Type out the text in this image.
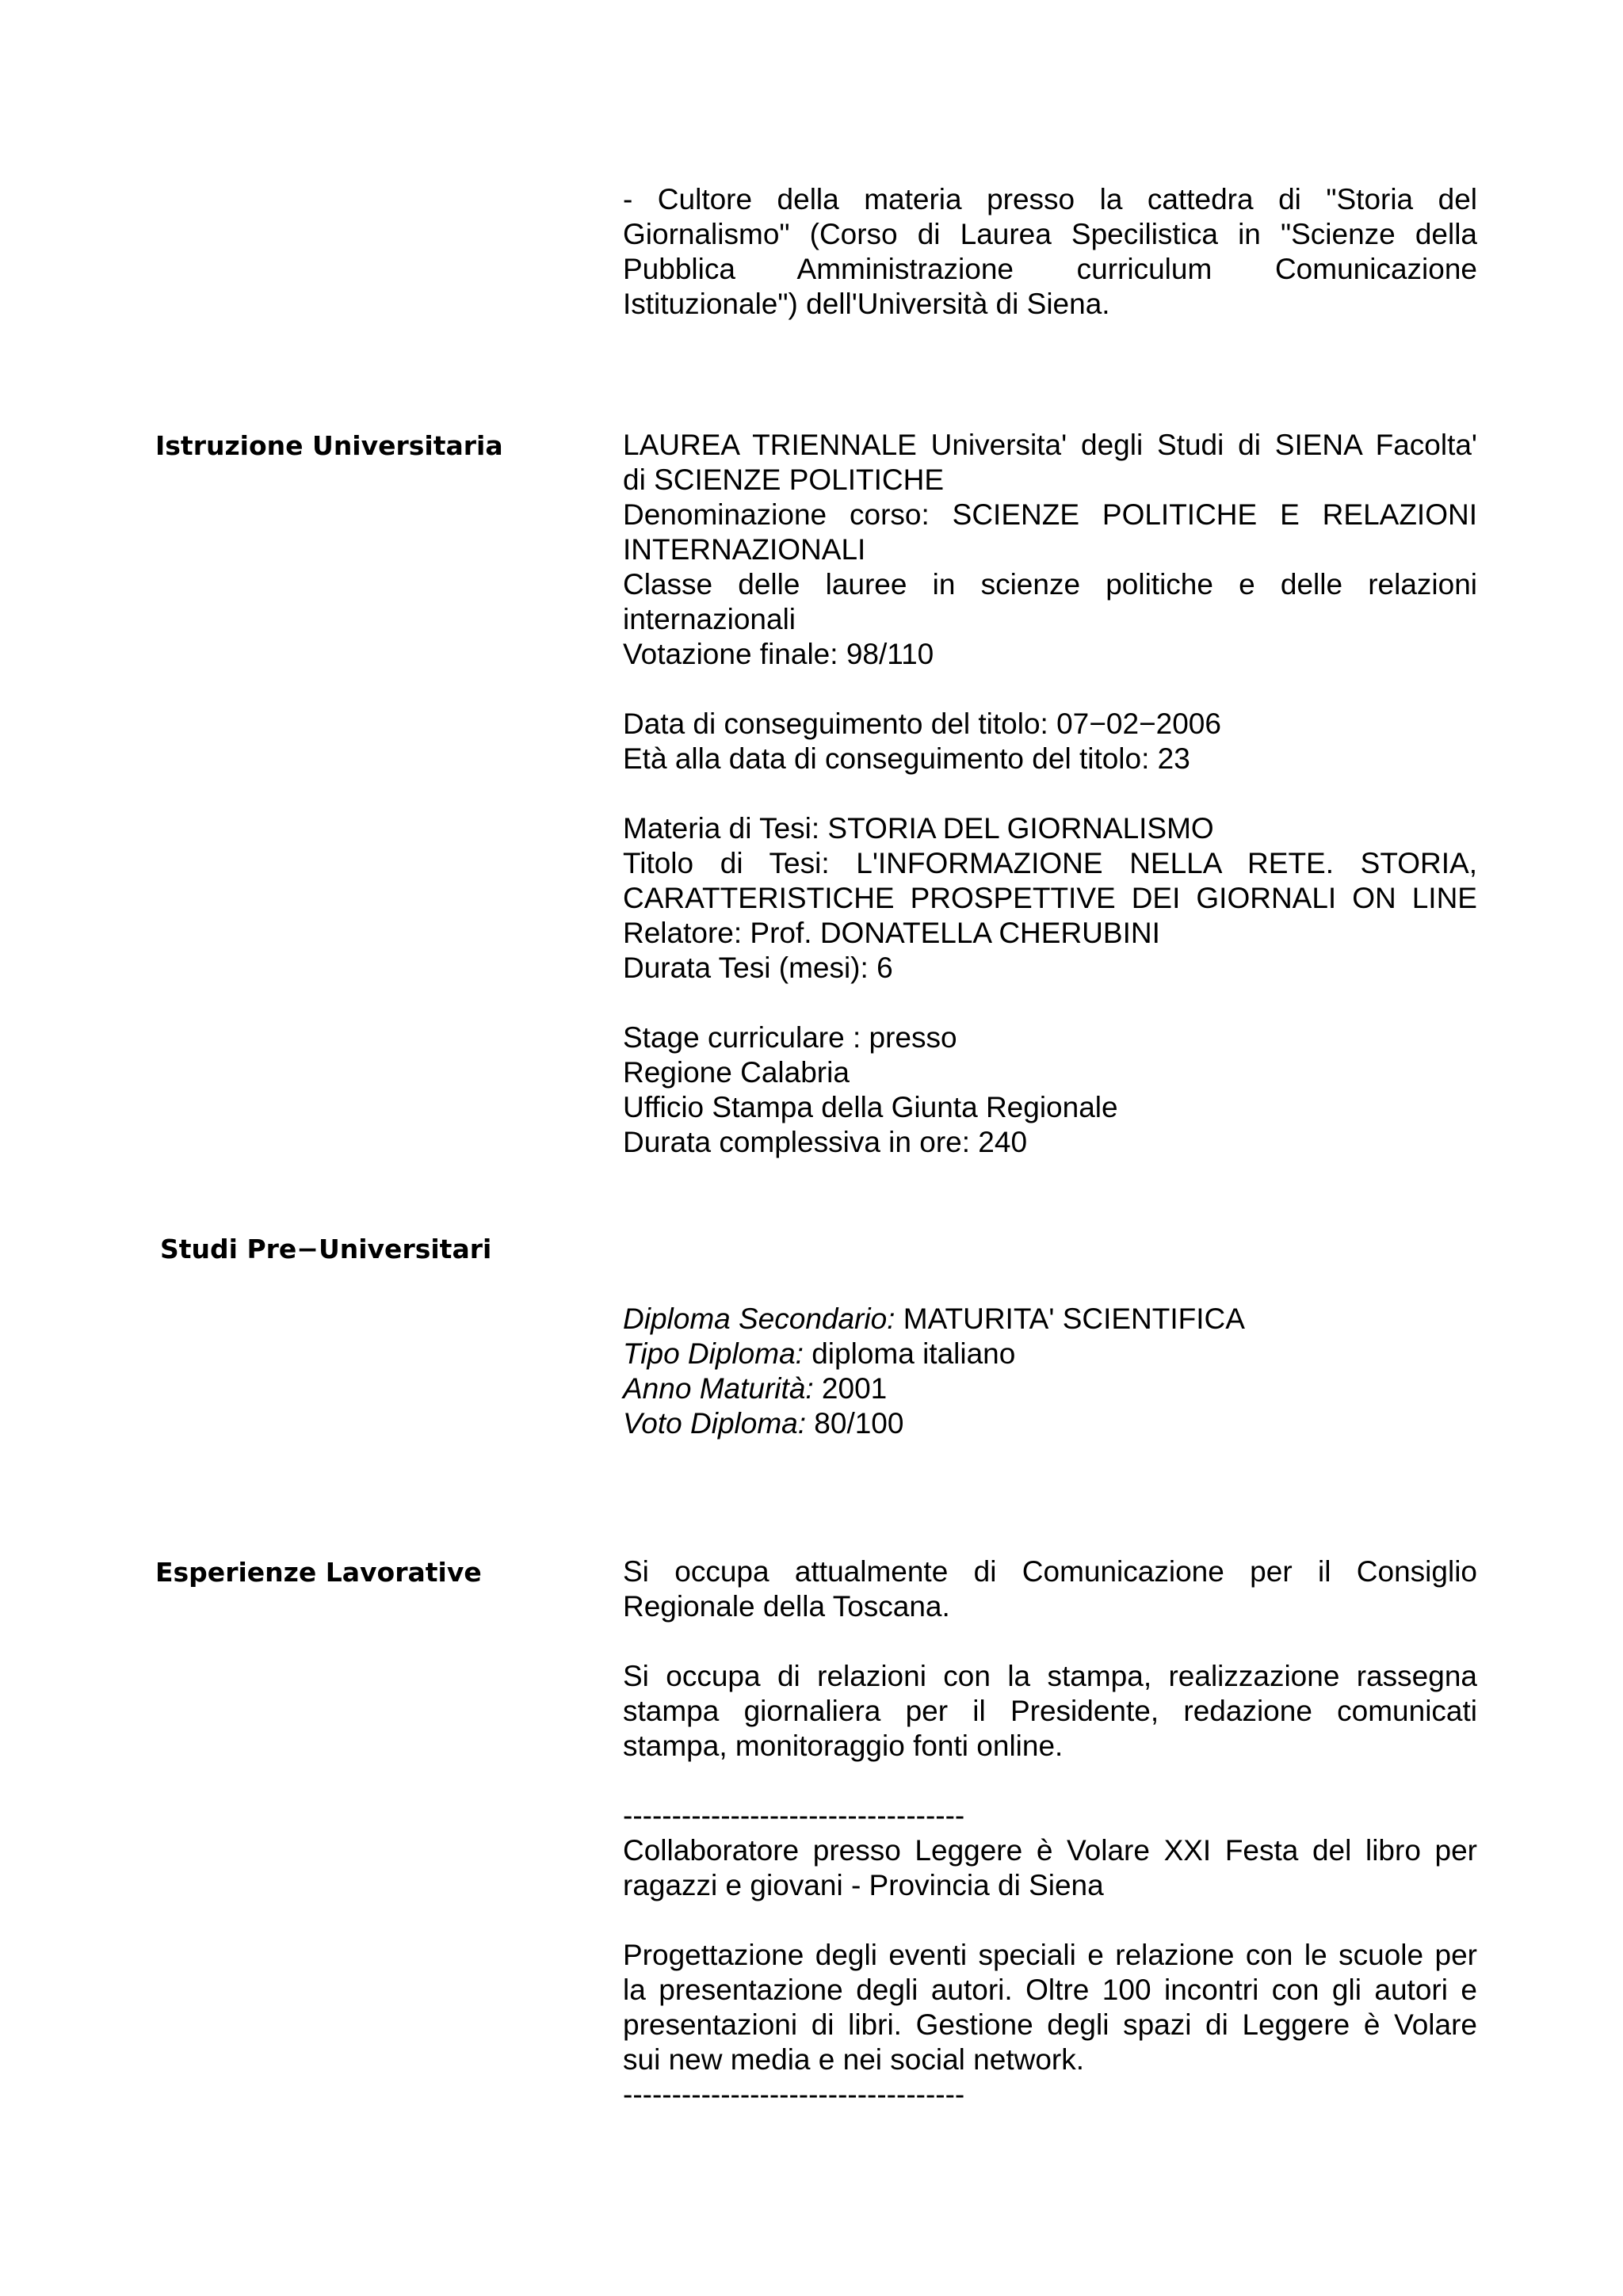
- Cultore della materia presso la cattedra di "Storia del
Giornalismo" (Corso di Laurea Specilistica in "Scienze della
Pubblica Amministrazione curriculum Comunicazione
Istituzionale") dell'Università di Siena.
Istruzione Universitaria	LAUREA TRIENNALE Universita' degli Studi di SIENA Facolta'
di SCIENZE POLITICHE
Denominazione corso: SCIENZE POLITICHE E RELAZIONI
INTERNAZIONALI
Classe delle lauree in scienze politiche e delle relazioni
internazionali
Votazione finale: 98/110
Data di conseguimento del titolo: 07−02−2006
Età alla data di conseguimento del titolo: 23
Materia di Tesi: STORIA DEL GIORNALISMO
Titolo di Tesi: L'INFORMAZIONE NELLA RETE. STORIA,
CARATTERISTICHE PROSPETTIVE DEI GIORNALI ON LINE
Relatore: Prof. DONATELLA CHERUBINI
Durata Tesi (mesi): 6
Stage curriculare : presso
Regione Calabria
Ufficio Stampa della Giunta Regionale
Durata complessiva in ore: 240
Studi Pre−Universitari
Diploma Secondario: MATURITA' SCIENTIFICA
Tipo Diploma: diploma italiano
Anno Maturità: 2001
Voto Diploma: 80/100
Esperienze Lavorative	Si occupa attualmente di Comunicazione per il Consiglio
Regionale della Toscana.
Si occupa di relazioni con la stampa, realizzazione rassegna
stampa giornaliera per il Presidente, redazione comunicati
stampa, monitoraggio fonti online.
-----------------------------------
Collaboratore presso Leggere è Volare XXI Festa del libro per
ragazzi e giovani - Provincia di Siena
Progettazione degli eventi speciali e relazione con le scuole per
la presentazione degli autori. Oltre 100 incontri con gli autori e
presentazioni di libri. Gestione degli spazi di Leggere è Volare
sui new media e nei social network.
-----------------------------------
